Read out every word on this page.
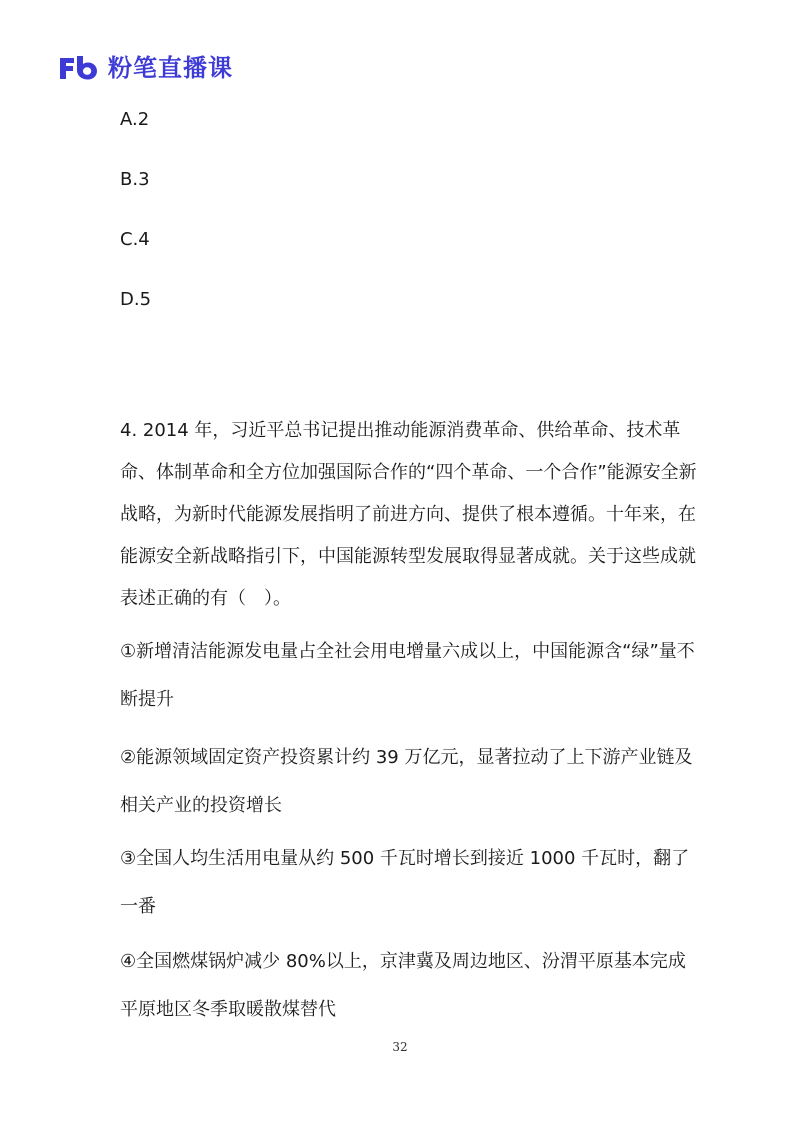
粉笔直播课
A.2
B.3
C.4
D.5
4. 2014 年，习近平总书记提出推动能源消费革命、供给革命、技术革命、体制革命和全方位加强国际合作的“四个革命、一个合作”能源安全新战略，为新时代能源发展指明了前进方向、提供了根本遵循。十年来，在能源安全新战略指引下，中国能源转型发展取得显著成就。关于这些成就表述正确的有（　）。
①新增清洁能源发电量占全社会用电增量六成以上，中国能源含“绿”量不断提升
②能源领域固定资产投资累计约 39 万亿元，显著拉动了上下游产业链及相关产业的投资增长
③全国人均生活用电量从约 500 千瓦时增长到接近 1000 千瓦时，翻了一番
④全国燃煤锅炉减少 80%以上，京津冀及周边地区、汾渭平原基本完成平原地区冬季取暖散煤替代
32
